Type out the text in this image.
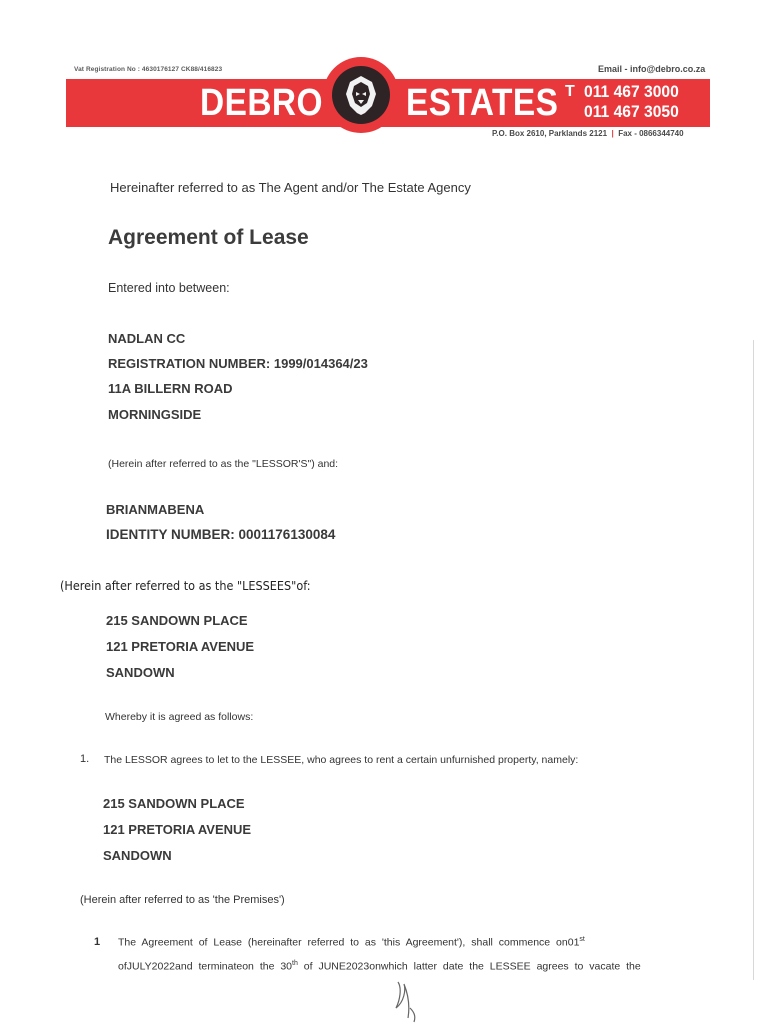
Vat Registration No : 4630176127 CK88/416823	Email - info@debro.co.za
DEBRO ESTATES T 011 467 3000
011 467 3050
P.O. Box 2610, Parklands 2121  |  Fax - 0866344740
Hereinafter referred to as The Agent and/or The Estate Agency
Agreement of Lease
Entered into between:
NADLAN CC
REGISTRATION NUMBER: 1999/014364/23
11A BILLERN ROAD
MORNINGSIDE
(Herein after referred to as the "LESSOR'S") and:
BRIANMABENA
IDENTITY NUMBER: 0001176130084
(Herein after referred to as the "LESSEES"of:
215 SANDOWN PLACE
121 PRETORIA AVENUE
SANDOWN
Whereby it is agreed as follows:
1. The LESSOR agrees to let to the LESSEE, who agrees to rent a certain unfurnished property, namely:
215 SANDOWN PLACE
121 PRETORIA AVENUE
SANDOWN
(Herein after referred to as 'the Premises')
1 The Agreement of Lease (hereinafter referred to as 'this Agreement'), shall commence on01st
ofJULY2022and terminateon the 30th of JUNE2023onwhich latter date the LESSEE agrees to vacate the
